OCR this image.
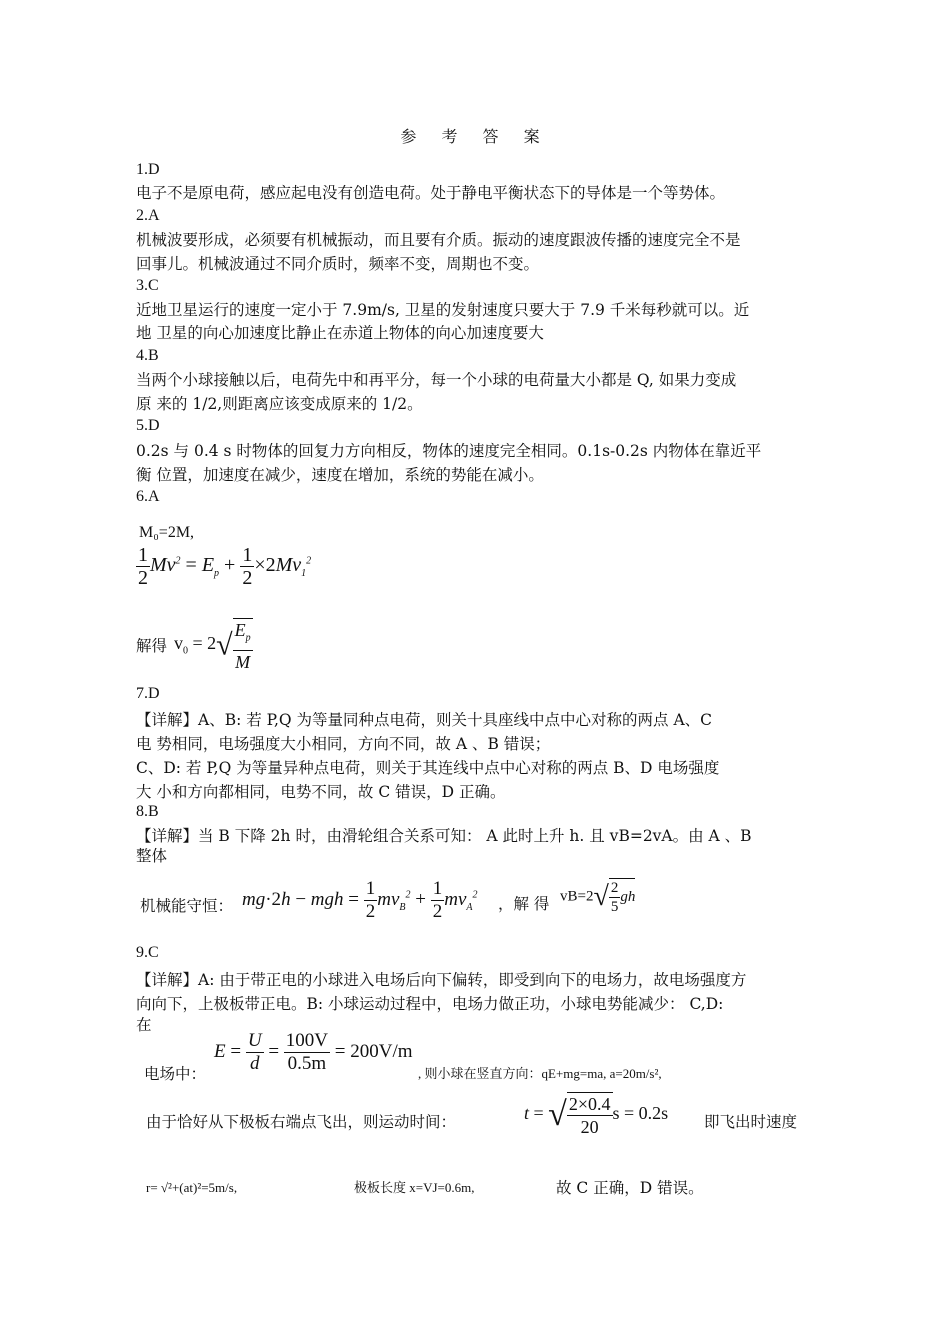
参 考 答 案
1.D
电子不是原电荷，感应起电没有创造电荷。处于静电平衡状态下的导体是一个等势体。
2.A
机械波要形成，必须要有机械振动，而且要有介质。振动的速度跟波传播的速度完全不是
回事儿。机械波通过不同介质时，频率不变，周期也不变。
3.C
近地卫星运行的速度一定小于 7.9m/s, 卫星的发射速度只要大于 7.9 千米每秒就可以。近
地 卫星的向心加速度比静止在赤道上物体的向心加速度要大
4.B
当两个小球接触以后，电荷先中和再平分，每一个小球的电荷量大小都是 Q, 如果力变成
原 来的 1/2,则距离应该变成原来的 1/2。
5.D
0.2s 与 0.4 s 时物体的回复力方向相反，物体的速度完全相同。0.1s-0.2s 内物体在靠近平
衡 位置，加速度在减少，速度在增加，系统的势能在减小。
6.A
M₀=2M,
$\frac{1}{2} Mv^2 = E_p + \frac{1}{2} \times 2Mv_1^2$
解得 $v_0 = 2√ \frac{E_p}{M}$
7.D
【详解】A、B: 若 P,Q 为等量同种点电荷，则关十具座线中点中心对称的两点 A、C
电 势相同，电场强度大小相同，方向不同，故 A 、B 错误；
C、D: 若 P,Q 为等量异种点电荷，则关于其连线中点中心对称的两点 B、D 电场强度
大 小和方向都相同，电势不同，故 C 错误，D 正确。
8.B
【详解】当 B 下降 2h 时，由滑轮组合关系可知： A 此时上升 h. 且 vB=2vA。由 A 、B
整体
机械能守恒： mg·2h − mgh = $\frac{1}{2} mv_B^2 + \frac{1}{2} mv_A^2$ ，解 得 $vB=2√ \frac{2}{5}$ gh
9.C
【详解】A: 由于带正电的小球进入电场后向下偏转，即受到向下的电场力，故电场强度方
向向下，上极板带正电。B: 小球运动过程中，电场力做正功，小球电势能减少： C,D:
在
电场中：
$E = \frac{U}{d} = \frac{100V}{0.5m} = 200V/m$
, 则小球在竖直方向：qE+mg=ma, a=20m/s²,
由于恰好从下极板右端点飞出，则运动时间：	t = √ $\frac{2\times 0.4}{20}$ s = 0.2s 即飞出时速度
r= √²+(at)²=5m/s,	极板长度 x=VJ=0.6m,	故 C 正确，D 错误。
